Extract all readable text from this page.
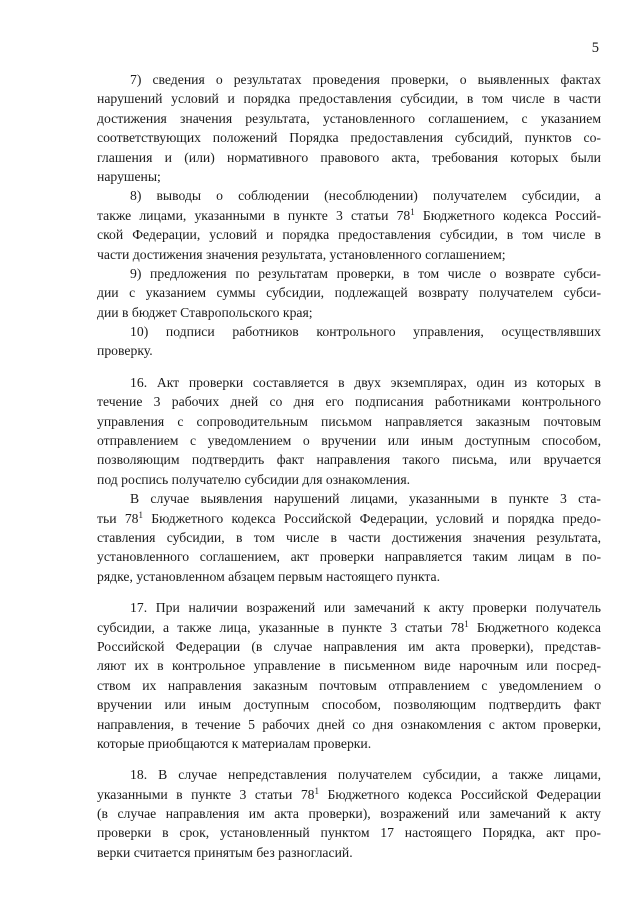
5
7) сведения о результатах проведения проверки, о выявленных фактах
нарушений условий и порядка предоставления субсидии, в том числе в части
достижения значения результата, установленного соглашением, с указанием
соответствующих положений Порядка предоставления субсидий, пунктов со-
глашения и (или) нормативного правового акта, требования которых были
нарушены;
8) выводы о соблюдении (несоблюдении) получателем субсидии, а
также лицами, указанными в пункте 3 статьи $78^1$ Бюджетного кодекса Россий-
ской Федерации, условий и порядка предоставления субсидии, в том числе в
части достижения значения результата, установленного соглашением;
9) предложения по результатам проверки, в том числе о возврате субси-
дии с указанием суммы субсидии, подлежащей возврату получателем субси-
дии в бюджет Ставропольского края;
10) подписи работников контрольного управления, осуществлявших
проверку.
16. Акт проверки составляется в двух экземплярах, один из которых в
течение 3 рабочих дней со дня его подписания работниками контрольного
управления с сопроводительным письмом направляется заказным почтовым
отправлением с уведомлением о вручении или иным доступным способом,
позволяющим подтвердить факт направления такого письма, или вручается
под роспись получателю субсидии для ознакомления.
В случае выявления нарушений лицами, указанными в пункте 3 ста-
тьи $78^1$ Бюджетного кодекса Российской Федерации, условий и порядка предо-
ставления субсидии, в том числе в части достижения значения результата,
установленного соглашением, акт проверки направляется таким лицам в по-
рядке, установленном абзацем первым настоящего пункта.
17. При наличии возражений или замечаний к акту проверки получатель
субсидии, а также лица, указанные в пункте 3 статьи $78^1$ Бюджетного кодекса
Российской Федерации (в случае направления им акта проверки), представ-
ляют их в контрольное управление в письменном виде нарочным или посред-
ством их направления заказным почтовым отправлением с уведомлением о
вручении или иным доступным способом, позволяющим подтвердить факт
направления, в течение 5 рабочих дней со дня ознакомления с актом проверки,
которые приобщаются к материалам проверки.
18. В случае непредставления получателем субсидии, а также лицами,
указанными в пункте 3 статьи $78^1$ Бюджетного кодекса Российской Федерации
(в случае направления им акта проверки), возражений или замечаний к акту
проверки в срок, установленный пунктом 17 настоящего Порядка, акт про-
верки считается принятым без разногласий.
